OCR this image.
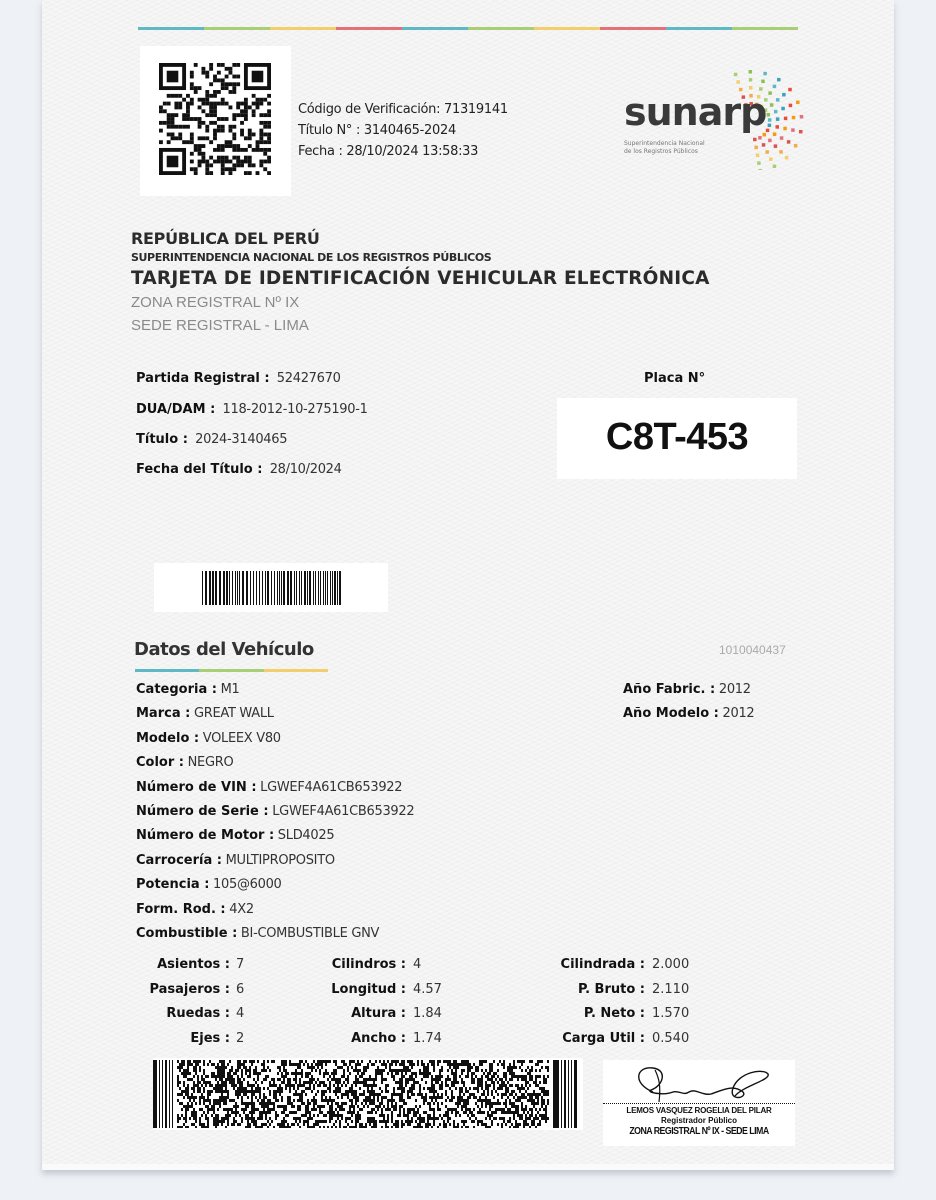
Código de Verificación: 71319141
Título N° : 3140465-2024
Fecha : 28/10/2024 13:58:33
sunarp
Superintendencia Nacional
de los Registros Públicos
REPÚBLICA DEL PERÚ
SUPERINTENDENCIA NACIONAL DE LOS REGISTROS PÚBLICOS
TARJETA DE IDENTIFICACIÓN VEHICULAR ELECTRÓNICA
ZONA REGISTRAL Nº IX
SEDE REGISTRAL - LIMA
Partida Registral : 52427670
DUA/DAM : 118-2012-10-275190-1
Título : 2024-3140465
Fecha del Título : 28/10/2024
Placa N°
C8T-453
Datos del Vehículo	1010040437
Categoria : M1
Marca : GREAT WALL
Modelo : VOLEEX V80
Color : NEGRO
Número de VIN : LGWEF4A61CB653922
Número de Serie : LGWEF4A61CB653922
Número de Motor : SLD4025
Carrocería : MULTIPROPOSITO
Potencia : 105@6000
Form. Rod. : 4X2
Combustible : BI-COMBUSTIBLE GNV
Año Fabric. : 2012
Año Modelo : 2012
Asientos : 7
Pasajeros : 6
Ruedas : 4
Ejes : 2
Cilindros : 4
Longitud : 4.57
Altura : 1.84
Ancho : 1.74
Cilindrada : 2.000
P. Bruto : 2.110
P. Neto : 1.570
Carga Util : 0.540
LEMOS VASQUEZ ROGELIA DEL PILAR
Registrador Público
ZONA REGISTRAL Nº IX - SEDE LIMA
